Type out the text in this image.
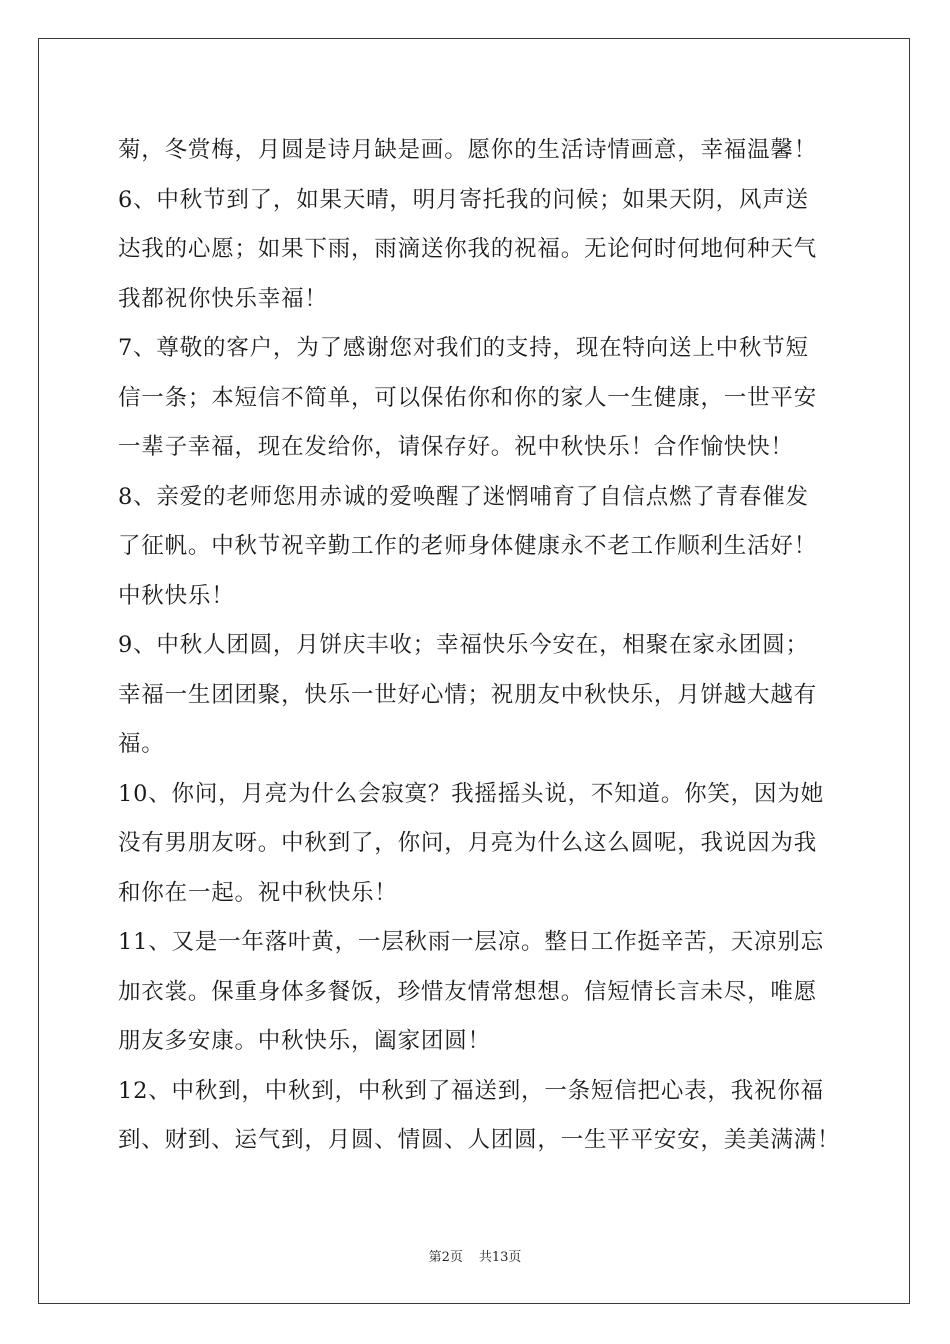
菊，冬赏梅，月圆是诗月缺是画。愿你的生活诗情画意，幸福温馨！
6、中秋节到了，如果天晴，明月寄托我的问候；如果天阴，风声送
达我的心愿；如果下雨，雨滴送你我的祝福。无论何时何地何种天气
我都祝你快乐幸福！
7、尊敬的客户，为了感谢您对我们的支持，现在特向送上中秋节短
信一条；本短信不简单，可以保佑你和你的家人一生健康，一世平安
一辈子幸福，现在发给你，请保存好。祝中秋快乐！合作愉快快！
8、亲爱的老师您用赤诚的爱唤醒了迷惘哺育了自信点燃了青春催发
了征帆。中秋节祝辛勤工作的老师身体健康永不老工作顺利生活好！
中秋快乐！
9、中秋人团圆，月饼庆丰收；幸福快乐今安在，相聚在家永团圆；
幸福一生团团聚，快乐一世好心情；祝朋友中秋快乐，月饼越大越有
福。
10、你问，月亮为什么会寂寞？我摇摇头说，不知道。你笑，因为她
没有男朋友呀。中秋到了，你问，月亮为什么这么圆呢，我说因为我
和你在一起。祝中秋快乐！
11、又是一年落叶黄，一层秋雨一层凉。整日工作挺辛苦，天凉别忘
加衣裳。保重身体多餐饭，珍惜友情常想想。信短情长言未尽，唯愿
朋友多安康。中秋快乐，阖家团圆！
12、中秋到，中秋到，中秋到了福送到，一条短信把心表，我祝你福
到、财到、运气到，月圆、情圆、人团圆，一生平平安安，美美满满！
第2页 共13页
